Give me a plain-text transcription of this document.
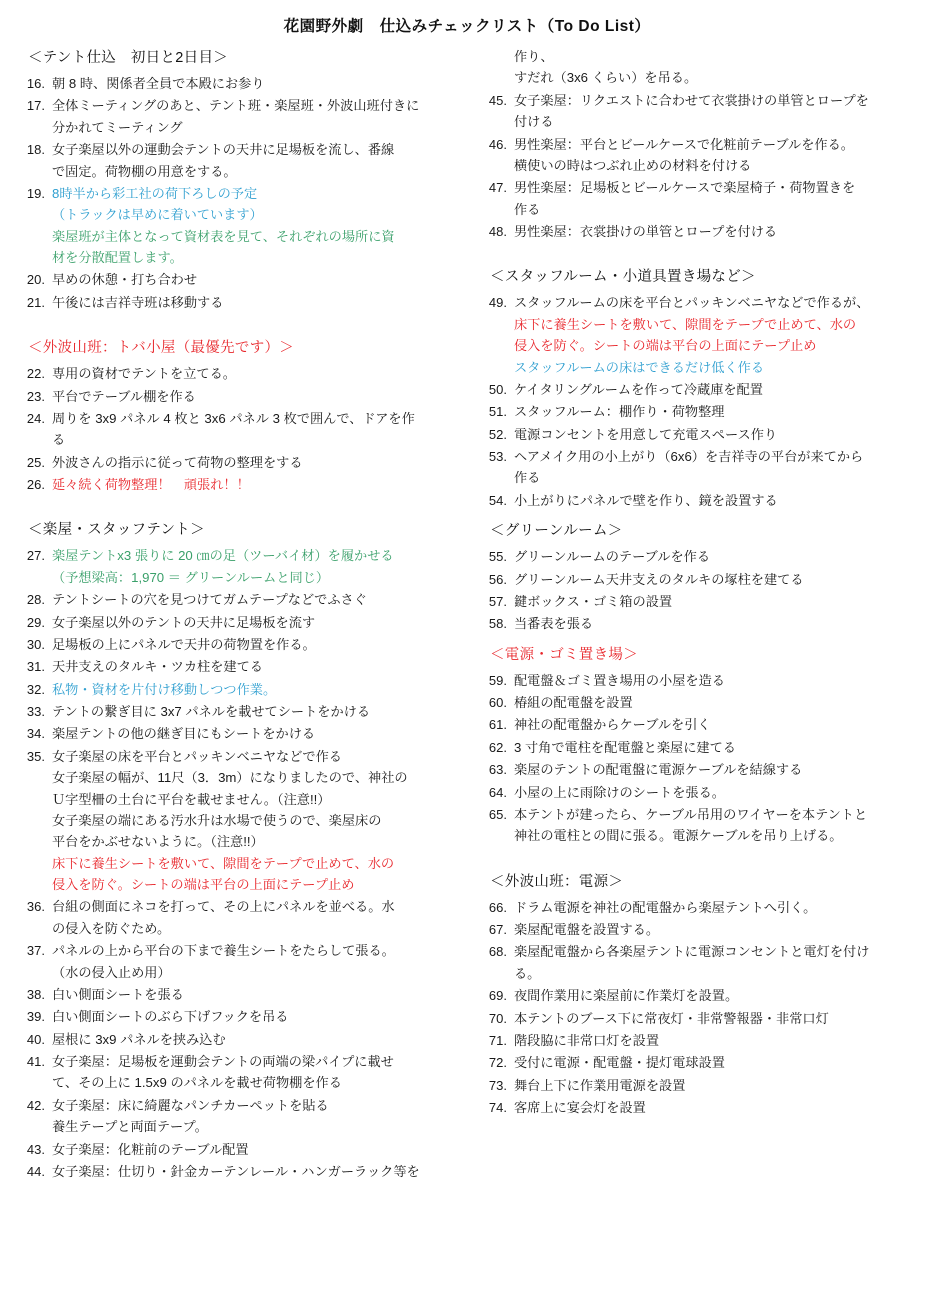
花園野外劇　仕込みチェックリスト（To Do List）
＜テント仕込　初日と2日目＞
16. 朝 8 時、関係者全員で本殿にお参り
17. 全体ミーティングのあと、テント班・楽屋班・外波山班付きに
分かれてミーティング
18. 女子楽屋以外の運動会テントの天井に足場板を流し、番線
で固定。荷物棚の用意をする。
19. 8時半から彩工社の荷下ろしの予定
（トラックは早めに着いています）
楽屋班が主体となって資材表を見て、それぞれの場所に資
材を分散配置します。
20. 早めの休憩・打ち合わせ
21. 午後には吉祥寺班は移動する
＜外波山班：トバ小屋（最優先です）＞
22. 専用の資材でテントを立てる。
23. 平台でテーブル棚を作る
24. 周りを 3x9 パネル 4 枚と 3x6 パネル 3 枚で囲んで、ドアを作
る
25. 外波さんの指示に従って荷物の整理をする
26. 延々続く荷物整理！　頑張れ！！
＜楽屋・スタッフテント＞
27. 楽屋テントx3 張りに 20 ㎝の足（ツーバイ材）を履かせる
（予想梁高：1,970 ＝ グリーンルームと同じ）
28. テントシートの穴を見つけてガムテープなどでふさぐ
29. 女子楽屋以外のテントの天井に足場板を流す
30. 足場板の上にパネルで天井の荷物置を作る。
31. 天井支えのタルキ・ツカ柱を建てる
32. 私物・資材を片付け移動しつつ作業。
33. テントの繋ぎ目に 3x7 パネルを載せてシートをかける
34. 楽屋テントの他の継ぎ目にもシートをかける
35. 女子楽屋の床を平台とパッキンベニヤなどで作る
女子楽屋の幅が、11尺（3．3m）になりましたので、神社の
Ｕ字型柵の土台に平台を載せません。（注意!!）
女子楽屋の端にある汚水升は水場で使うので、楽屋床の
平台をかぶせないように。（注意!!）
床下に養生シートを敷いて、隙間をテープで止めて、水の
侵入を防ぐ。シートの端は平台の上面にテープ止め
36. 台組の側面にネコを打って、その上にパネルを並べる。水
の侵入を防ぐため。
37. パネルの上から平台の下まで養生シートをたらして張る。
（水の侵入止め用）
38. 白い側面シートを張る
39. 白い側面シートのぶら下げフックを吊る
40. 屋根に 3x9 パネルを挟み込む
41. 女子楽屋：足場板を運動会テントの両端の梁パイプに載せ
て、その上に 1.5x9 のパネルを載せ荷物棚を作る
42. 女子楽屋：床に綺麗なパンチカーペットを貼る
養生テープと両面テープ。
43. 女子楽屋：化粧前のテーブル配置
44. 女子楽屋：仕切り・針金カーテンレール・ハンガーラック等を
作り、
すだれ（3x6 くらい）を吊る。
45. 女子楽屋：リクエストに合わせて衣裳掛けの単管とロープを
付ける
46. 男性楽屋：平台とビールケースで化粧前テーブルを作る。
横使いの時はつぶれ止めの材料を付ける
47. 男性楽屋：足場板とビールケースで楽屋椅子・荷物置きを
作る
48. 男性楽屋：衣裳掛けの単管とロープを付ける
＜スタッフルーム・小道具置き場など＞
49. スタッフルームの床を平台とパッキンベニヤなどで作るが、
床下に養生シートを敷いて、隙間をテープで止めて、水の
侵入を防ぐ。シートの端は平台の上面にテープ止め
スタッフルームの床はできるだけ低く作る
50. ケイタリングルームを作って冷蔵庫を配置
51. スタッフルーム：棚作り・荷物整理
52. 電源コンセントを用意して充電スペース作り
53. ヘアメイク用の小上がり（6x6）を吉祥寺の平台が来てから
作る
54. 小上がりにパネルで壁を作り、鏡を設置する
＜グリーンルーム＞
55. グリーンルームのテーブルを作る
56. グリーンルーム天井支えのタルキの塚柱を建てる
57. 鍵ボックス・ゴミ箱の設置
58. 当番表を張る
＜電源・ゴミ置き場＞
59. 配電盤＆ゴミ置き場用の小屋を造る
60. 椿組の配電盤を設置
61. 神社の配電盤からケーブルを引く
62. 3 寸角で電柱を配電盤と楽屋に建てる
63. 楽屋のテントの配電盤に電源ケーブルを結線する
64. 小屋の上に雨除けのシートを張る。
65. 本テントが建ったら、ケーブル吊用のワイヤーを本テントと
神社の電柱との間に張る。電源ケーブルを吊り上げる。
＜外波山班：電源＞
66. ドラム電源を神社の配電盤から楽屋テントへ引く。
67. 楽屋配電盤を設置する。
68. 楽屋配電盤から各楽屋テントに電源コンセントと電灯を付け
る。
69. 夜間作業用に楽屋前に作業灯を設置。
70. 本テントのブース下に常夜灯・非常警報器・非常口灯
71. 階段脇に非常口灯を設置
72. 受付に電源・配電盤・提灯電球設置
73. 舞台上下に作業用電源を設置
74. 客席上に宴会灯を設置
